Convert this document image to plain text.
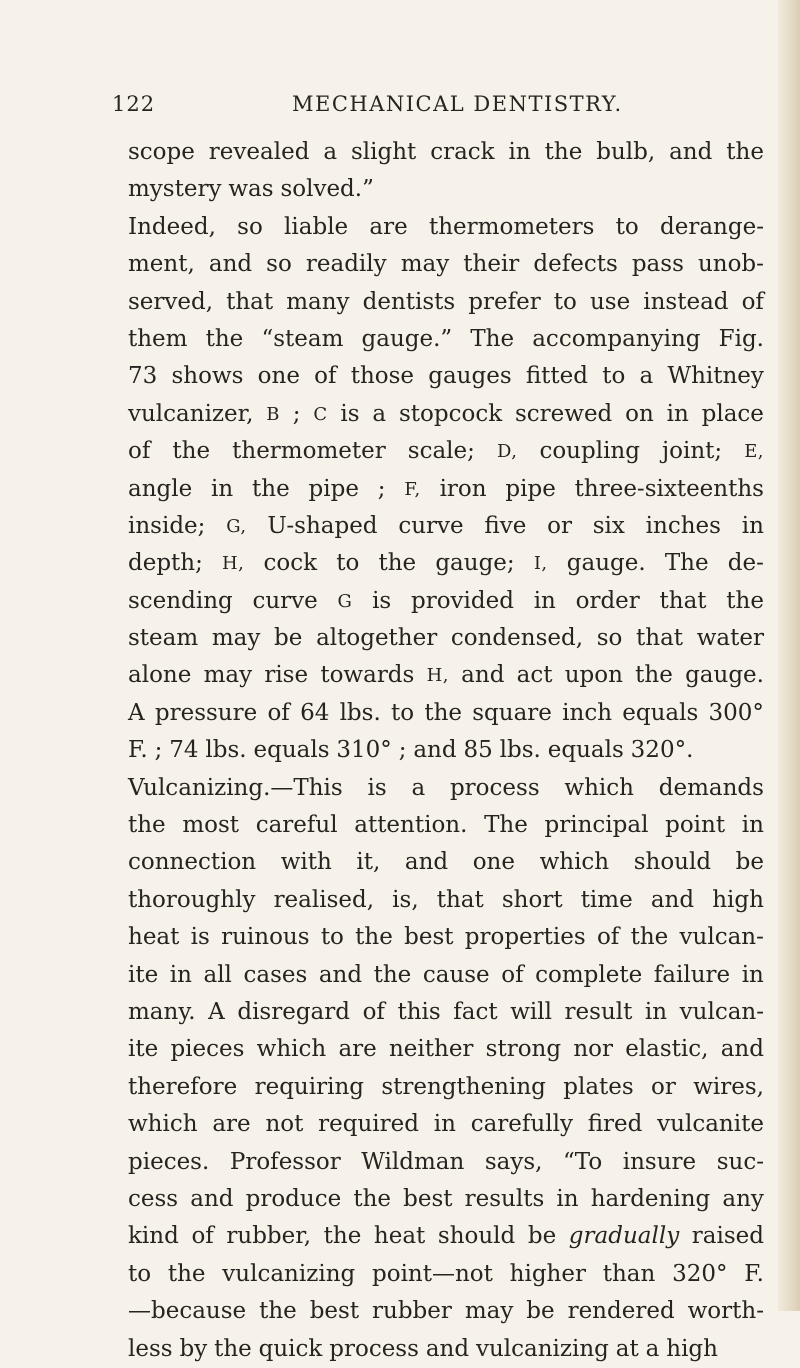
122	MECHANICAL DENTISTRY.
scope revealed a slight crack in the bulb, and the
mystery was solved.”
Indeed, so liable are thermometers to derange-
ment, and so readily may their defects pass unob-
served, that many dentists prefer to use instead of
them the “steam gauge.” The accompanying Fig.
73 shows one of those gauges fitted to a Whitney
vulcanizer, B ; C is a stopcock screwed on in place
of the thermometer scale; D, coupling joint; E,
angle in the pipe ; F, iron pipe three-sixteenths
inside; G, U-shaped curve five or six inches in
depth; H, cock to the gauge; I, gauge. The de-
scending curve G is provided in order that the
steam may be altogether condensed, so that water
alone may rise towards H, and act upon the gauge.
A pressure of 64 lbs. to the square inch equals 300°
F. ; 74 lbs. equals 310° ; and 85 lbs. equals 320°.
Vulcanizing.—This is a process which demands
the most careful attention. The principal point in
connection with it, and one which should be
thoroughly realised, is, that short time and high
heat is ruinous to the best properties of the vulcan-
ite in all cases and the cause of complete failure in
many. A disregard of this fact will result in vulcan-
ite pieces which are neither strong nor elastic, and
therefore requiring strengthening plates or wires,
which are not required in carefully fired vulcanite
pieces. Professor Wildman says, “To insure suc-
cess and produce the best results in hardening any
kind of rubber, the heat should be gradually raised
to the vulcanizing point—not higher than 320° F.
—because the best rubber may be rendered worth-
less by the quick process and vulcanizing at a high
